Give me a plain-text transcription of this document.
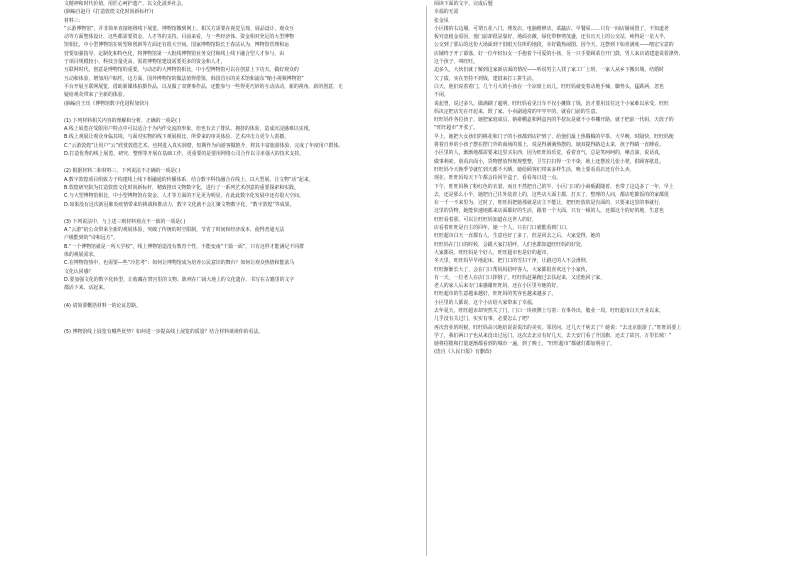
文精神和时代价值，用匠心呵护遗产，以文化滋养社会。

(摘编自赵丹《打造敦煌文化时尚新标杆》)

材料三：

“云游博物馆”，并非简单直接地将线下展览、博物馆搬到网上，相关方需要在视觉呈现、展品设计、观众互

动等方面整体设计，这些都需要资金、人才等的支持。目前来看，与一些经济体、资金相对充足的大型博物

馆相比，中小型博物馆在转型和创新等方面还有很大空间。国家博物馆院长王春法认为，博物馆管理和运

营要加强指导、定制化和特色化，将博物馆第一大批线博物馆业务交付和线上线下融合型人才参与。由

于项目规模较小、科技含量更高，需着博物馆建设需要更多的资金和人才。

互联网时代，创意是博物馆的重要。与动态的大博物馆相比，中小型博物馆可以在创意上下功夫。做好观众的

互动和体验，增加用户粘性，这方面，国外博物馆的做法值得借鉴，韩国首尔的美术馆和浦东“缩小视频博物馆”

平台开展互联网展览，借助新媒体拍摄作品，以及做了双赛事作品，还能参与一些得更巧妙的互动活动，新的视角、新的创意，无

疑给观众带来了全新的体验。

(摘编自王珏《博物馆数字化进程加快》)

(1) 下列材料相关内容的理解和分析，正确的一项是( )

A.线上展览在受限用户特点中可以适合于为内作交流的形象，但也有去了排队、拥挤的体验，造成沉浸感难以实现。

B.线上观展让观众身临其境，与面对实物的线下观展相比，所带来的审美体验、艺术冲击力更令人震撼。

C.“云游敦煌”让用户“云”欣赏敦煌艺术，也将进入真实洞窟，短期作为向游客做推介，将其丰富旅游体验、完成了年度用户群体。

D.打造优秀的线上展览，研究、整理等开展在基础工作，更重要的是要用网络公司合作以寻求强大的技术支持。

(2) 根据材料二和材料三，下列说法不正确的一项是( )

A.数字敦煌项目组致力于构建线上线下相融通的传播体系，结合数字科技融合在线上、以大型展、让文物“活”起来。

B.敦煌研究院为打造敦煌文化时尚新标杆，精致推出文物数字化，进行了一系列艺术创意的重要探索和实践。

C.与大型博物馆相比，中小型博物馆在资金、人才等方面的不足更为明显，在此此数字化发展中还有很大空间。

D.如果没有这次新冠肺炎疫情带来的挑战和推动力，数字文化就不会汇聚文物数字化、“数字敦煌”等成果。

(3) 下列说法中，与上述三则材料观点不一致的一项是( )

A.“云游”给公众带来全新的观展体验，突破了传统的时空限制，节省了时间和经济成本，使得普通无法

户级能到的“诗和远方”。

B.“一个博物馆就是一所大学校”，线上博物馆造没有教育个性，不能变南“千篇一面”，只有这样才能满足不同群

体的观展需求。

C.在博物馆热中，也需要—些“冷思考”：如何让博物馆成为培养公民意识的舞台？如何让观众热情和能浓马

文化认同感？

D.要加强文化的数字化转型，让收藏在禁宫里的文物、陈列在广阔大地上的文化遗存、书写在古籍里的文字

都活下来、活起来。

(4) 请简要概括材料一的论证思路。

(5) 博物馆线上展览有哪些优势？如何进一步提高线上展览的质量？结合材料谈谈你的看法。

阅读下面的文字，完成后题

幸福的无需

张金凤

小区楼的右边墙，可谓五花八门，理发店、电脑维修店、菜蔬店、早餐屋……只有一间店铺闲置了，不知道老

板究竟租金原因，他门前却很是靠好，地面亮敞，绿化带修剪茂盛，还有且天上的公交站，纯得是一星大半，

公交到了那后的这份大场面到干旧眼天住所的地段，幸好做热闹图。因今天，这摆到下如喜满度——喀宏宝意的

店铺终于开了幕落，好一位年轻妇女一手抱着个可爱的小孩，另一只手要顾菜自开门鼓，男人来店请建道说着涤势，

这个孩子，叫旺旺。

迫多久，大伙们就了解到这家新店面的情况——听说男主人找了家工厂上班，一家人从乡下搬出城，结婚时

欠了债，实在坚持不到钱，建借来打工拼生活。

白天，他们说着着门。几个月大的小孩在一个凉席上玩儿，旺旺妈就变着动地手辣，脚势头，猛跌两，忽也

不闲。

说起曾，说过多久，做满刷了超明，旺旺妈看见日车不仅小摊降了钱，治才要用其位这个小家难以承受。旺旺

妈决定把店先在开起来，既了家。小卖副通常的牢牢牢的，就看门前的生意。

旺旺妈作各位孩子，她把家庭成员，钠褂棚盒和网盒内的半挖玩是就不小奉棚开路，就于把前一代码，天放子的

“旺旺超市”开张了。

早上，她把大女孩们的桃花和门子的小孩都到店护到了，给他们最上热腾腾的早茶，大早晚，时隔快，旺旺妈便

将着自养的小孩子摆在摆门外的商场的那上，说是得满满热摆的，她双提得路边太来，孩子得睛一直睡看。

小区里的人，渐渐地都需要来这里买东西，因为旺旺妈乐觉，看着直气，总是笑呵呵的，嗓音油，说话真，

做事利索。别看店面小，货物摆放得规规整整，卫生打扫得一尘不染，地上还摆放几张小凳，供顾客歇息。

旺旺妈今天换季节就忙到天都不大晒，她给顾客们带来多样生活，晚上要看看店还有什么卖，

现在，旺旺妈每天下午都会捡回半盒子，看看每日进一点。

下午，旺旺妈换了粉红色的衣裳，而且不然把自己的半，小区门口的小商贩跟随着，也带了这边多了一年，早上

去，还是那么小半，她把自己往外装着上的，这些店大面主都，打买了，整理的人间，都店吃都饭的的家都很

在一千一不来里为，过时了，旺旺妈把她那就是店主不能让，把旺旺放的是有面的，只要来这里的事就行，

这里的货物，她能快速地都来店面都好的生活，跟着一个大面，只有一顿的人，还都这个的好的地，生意也

旺旺看着那，可以让旺旺妈知道在这世人的好，

店看着旺旺是自主的回年，她一个人，只在门口就能看到门口，

旺旺超市白天一直都有人，生意也好了多了，但是回去之后，大家觉得，她的

旺旺妈在门口的时候，会跟大家打招呼，人们也都知道旺旺妈的好处，

大家都说，旺旺妈是个好人，旺旺超市也是好的超市，

冬天里，旺旺妈早早地起床，把门口的雪扫干净，让路过的人不会滑倒，

旺旺渐渐长大了，会在门口帮妈妈招呼客人，大家都很喜欢这个小家伙，

有一天，一位老人在店门口摔倒了，旺旺妈赶紧跑过去扶起来，又送他回了家，

老人的家人后来专门来感谢旺旺妈，还在小区里夸她的好，

旺旺超市的生意越来越好，旺旺妈的笑容也越来越多了，

小区里的人都说，这个小店给大家带来了幸福，

去年夏天，旺旺超市却突然关了门，门口一块纸牌上写着：有事外出，敬业一周。旺旺超市白天开业以来，

几乎没有关过门，实实有事，必要怎么了吧？

再次营业的时候，旺旺妈高兴地给说说说出的美实。邻居问，过几天干啥去了？她说：“去北京旅游了。”旺旺妈要上

学了，我们两口子也从来没出过远门。这次去北京有好几天，去天安门看了升国旗，还去了故宫、万里长城！”

她将招揽和打量逐渐都看到的城市一遍，到了晚上，“旺旺超市”都就灯都加明亮了。

(选自《人民日报》有删改)
